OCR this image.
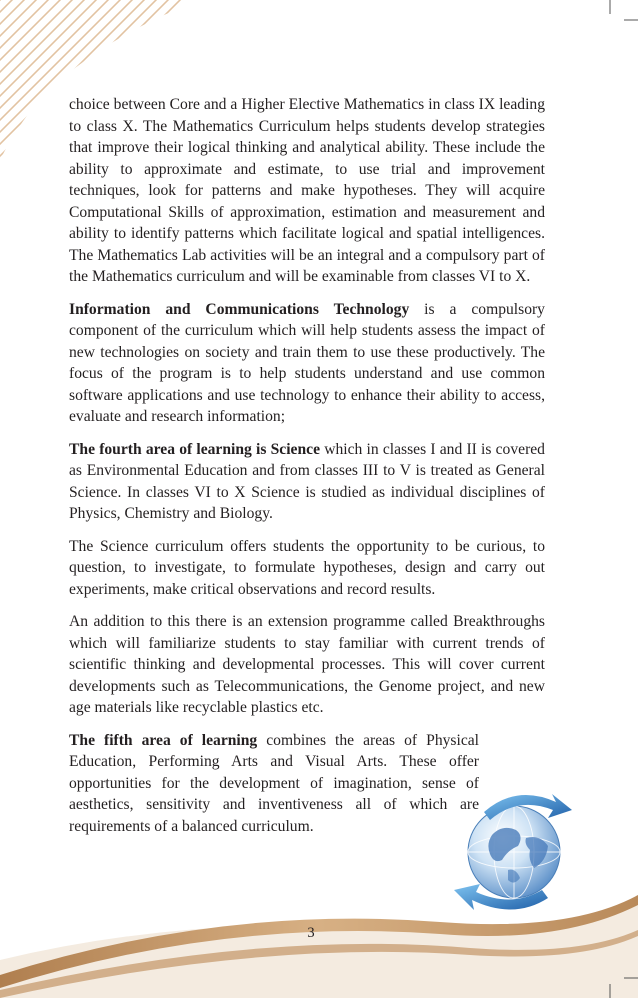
choice between Core and a Higher Elective Mathematics in class IX leading to class X. The Mathematics Curriculum helps students develop strategies that improve their logical thinking and analytical ability. These include the ability to approximate and estimate, to use trial and improvement techniques, look for patterns and make hypotheses. They will acquire Computational Skills of approximation, estimation and measurement and ability to identify patterns which facilitate logical and spatial intelligences. The Mathematics Lab activities will be an integral and a compulsory part of the Mathematics curriculum and will be examinable from classes VI to X.

Information and Communications Technology is a compulsory component of the curriculum which will help students assess the impact of new technologies on society and train them to use these productively. The focus of the program is to help students understand and use common software applications and use technology to enhance their ability to access, evaluate and research information;

The fourth area of learning is Science which in classes I and II is covered as Environmental Education and from classes III to V is treated as General Science. In classes VI to X Science is studied as individual disciplines of Physics, Chemistry and Biology.

The Science curriculum offers students the opportunity to be curious, to question, to investigate, to formulate hypotheses, design and carry out experiments, make critical observations and record results.

An addition to this there is an extension programme called Breakthroughs which will familiarize students to stay familiar with current trends of scientific thinking and developmental processes. This will cover current developments such as Telecommunications, the Genome project, and new age materials like recyclable plastics etc.

The fifth area of learning combines the areas of Physical Education, Performing Arts and Visual Arts. These offer opportunities for the development of imagination, sense of aesthetics, sensitivity and inventiveness all of which are requirements of a balanced curriculum.

3
